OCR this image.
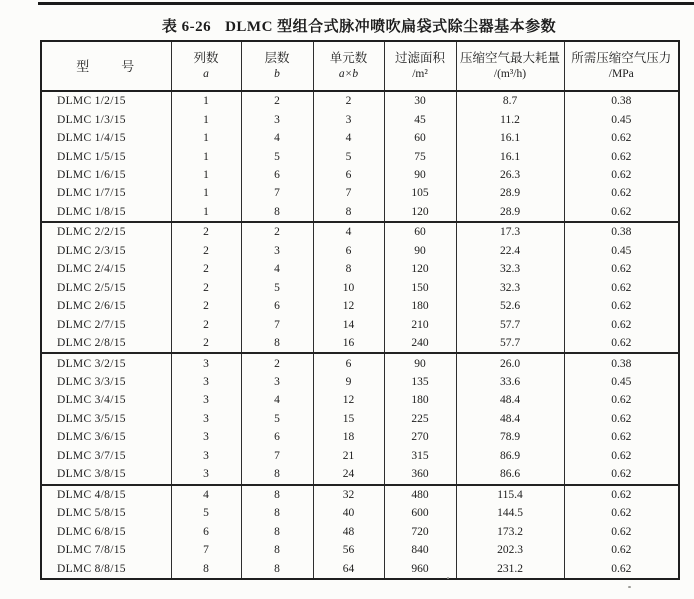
表 6-26 DLMC 型组合式脉冲喷吹扁袋式除尘器基本参数
型　　号

列数
a

层数
b

单元数
a×b

过滤面积
/m²

压缩空气最大耗量
/(m³/h)

所需压缩空气压力
/MPa

DLMC 1/2/15	1	2	2	30	8.7	0.38
DLMC 1/3/15	1	3	3	45	11.2	0.45
DLMC 1/4/15	1	4	4	60	16.1	0.62
DLMC 1/5/15	1	5	5	75	16.1	0.62
DLMC 1/6/15	1	6	6	90	26.3	0.62
DLMC 1/7/15	1	7	7	105	28.9	0.62
DLMC 1/8/15	1	8	8	120	28.9	0.62
DLMC 2/2/15	2	2	4	60	17.3	0.38
DLMC 2/3/15	2	3	6	90	22.4	0.45
DLMC 2/4/15	2	4	8	120	32.3	0.62
DLMC 2/5/15	2	5	10	150	32.3	0.62
DLMC 2/6/15	2	6	12	180	52.6	0.62
DLMC 2/7/15	2	7	14	210	57.7	0.62
DLMC 2/8/15	2	8	16	240	57.7	0.62
DLMC 3/2/15	3	2	6	90	26.0	0.38
DLMC 3/3/15	3	3	9	135	33.6	0.45
DLMC 3/4/15	3	4	12	180	48.4	0.62
DLMC 3/5/15	3	5	15	225	48.4	0.62
DLMC 3/6/15	3	6	18	270	78.9	0.62
DLMC 3/7/15	3	7	21	315	86.9	0.62
DLMC 3/8/15	3	8	24	360	86.6	0.62
DLMC 4/8/15	4	8	32	480	115.4	0.62
DLMC 5/8/15	5	8	40	600	144.5	0.62
DLMC 6/8/15	6	8	48	720	173.2	0.62
DLMC 7/8/15	7	8	56	840	202.3	0.62
DLMC 8/8/15	8	8	64	960	231.2	0.62
